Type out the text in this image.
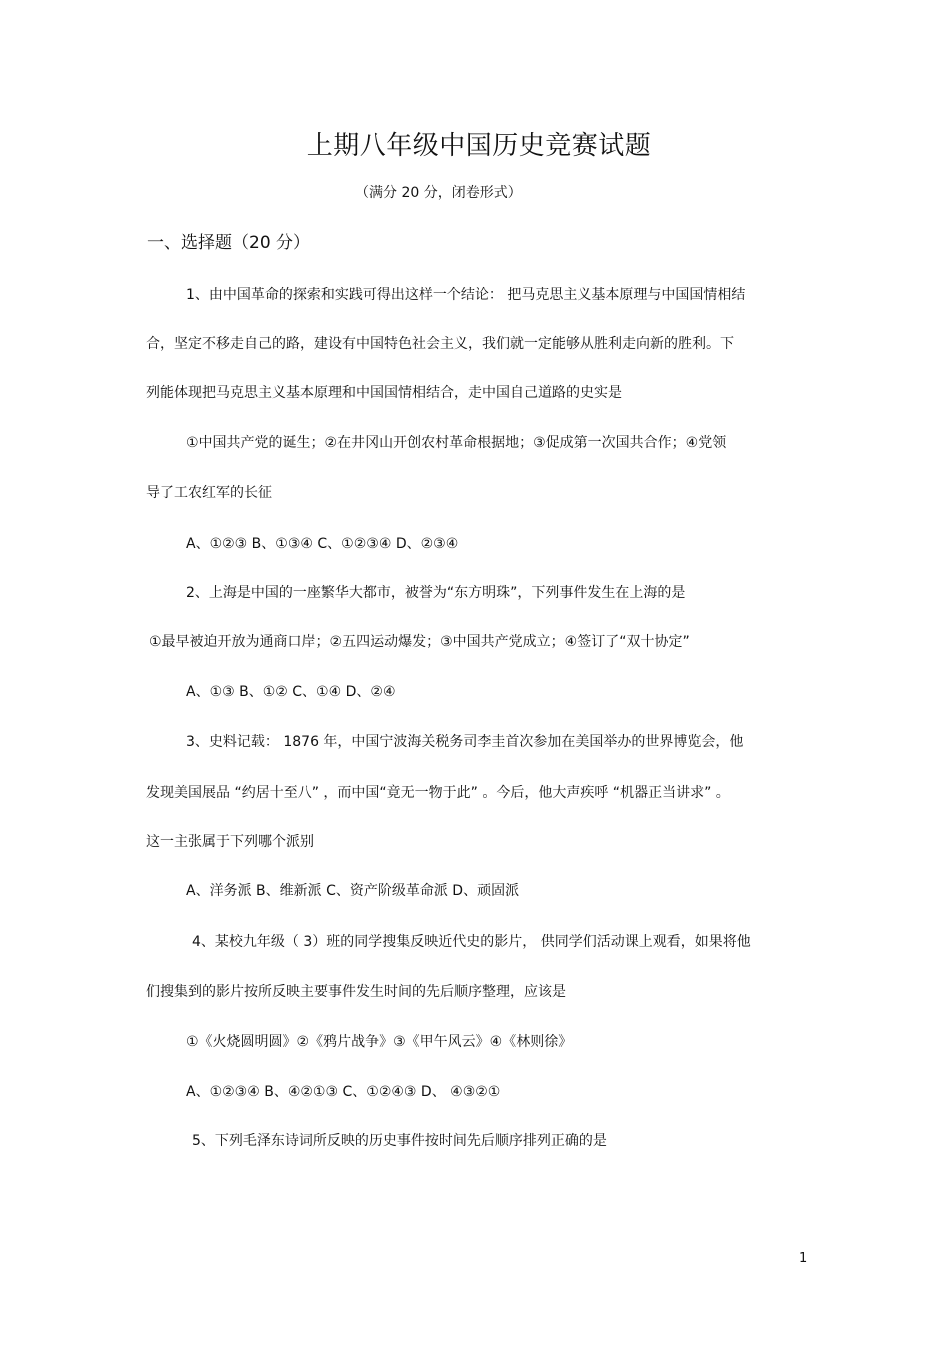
上期八年级中国历史竞赛试题
（满分 20 分，闭卷形式）
一、选择题（20 分）
1、由中国革命的探索和实践可得出这样一个结论： 把马克思主义基本原理与中国国情相结
合，坚定不移走自己的路，建设有中国特色社会主义，我们就一定能够从胜利走向新的胜利。下
列能体现把马克思主义基本原理和中国国情相结合，走中国自己道路的史实是
①中国共产党的诞生；②在井冈山开创农村革命根据地；③促成第一次国共合作；④党领
导了工农红军的长征
A、①②③ B、①③④ C、①②③④ D、②③④
2、上海是中国的一座繁华大都市，被誉为“东方明珠”，下列事件发生在上海的是
①最早被迫开放为通商口岸；②五四运动爆发；③中国共产党成立；④签订了“双十协定”
A、①③ B、①② C、①④ D、②④
3、史料记载： 1876 年，中国宁波海关税务司李圭首次参加在美国举办的世界博览会，他
发现美国展品 “约居十至八” ，而中国“竟无一物于此” 。今后，他大声疾呼 “机器正当讲求” 。
这一主张属于下列哪个派别
A、洋务派 B、维新派 C、资产阶级革命派 D、顽固派
4、某校九年级（ 3）班的同学搜集反映近代史的影片， 供同学们活动课上观看，如果将他
们搜集到的影片按所反映主要事件发生时间的先后顺序整理，应该是
①《火烧圆明圆》②《鸦片战争》③《甲午风云》④《林则徐》
A、①②③④ B、④②①③ C、①②④③ D、 ④③②①
5、下列毛泽东诗词所反映的历史事件按时间先后顺序排列正确的是
1
